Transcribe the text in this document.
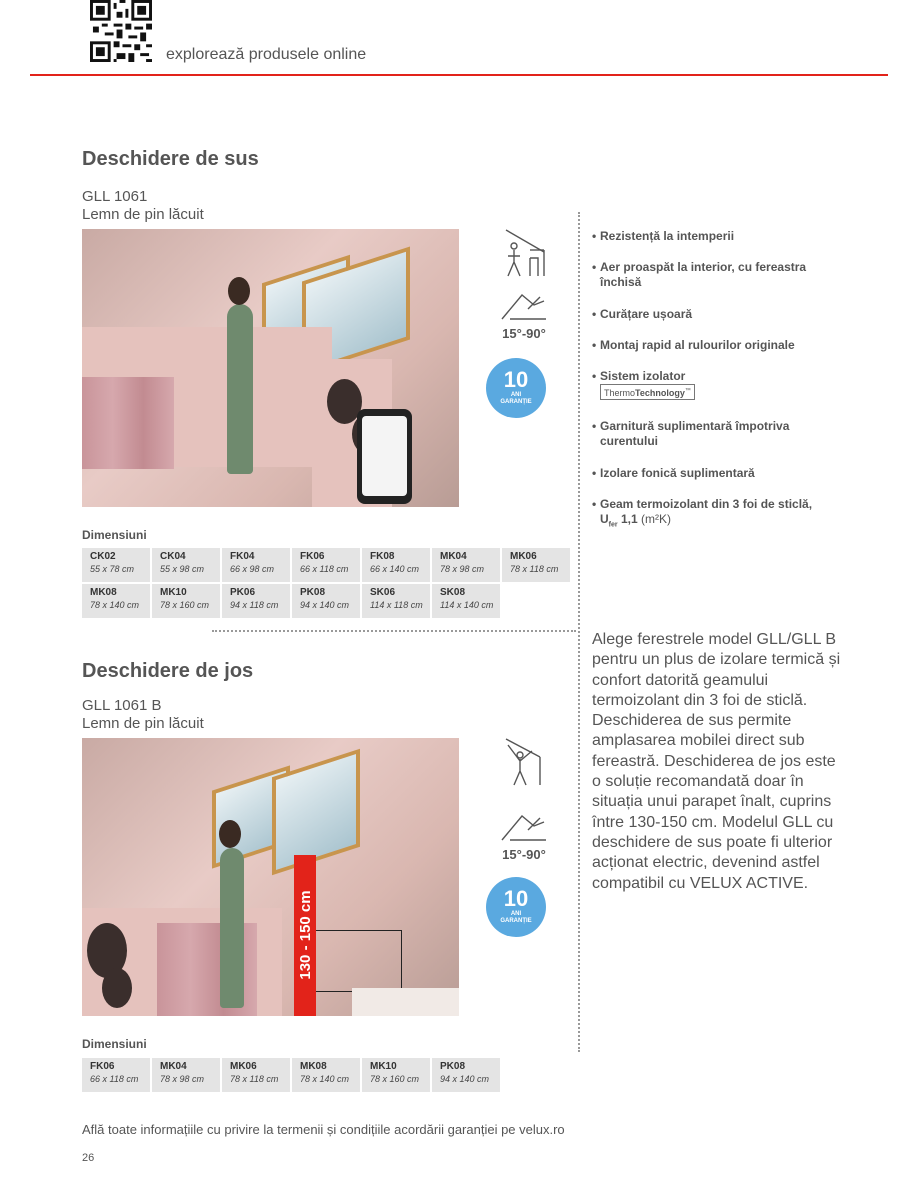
explorează produsele online
Deschidere de sus
GLL 1061
Lemn de pin lăcuit

15°-90°
10
ANI
GARANȚIE
Dimensiuni
CK02
55 x 78 cm
CK04
55 x 98 cm
FK04
66 x 98 cm
FK06
66 x 118 cm
FK08
66 x 140 cm
MK04
78 x 98 cm
MK06
78 x 118 cm
MK08
78 x 140 cm
MK10
78 x 160 cm
PK06
94 x 118 cm
PK08
94 x 140 cm
SK06
114 x 118 cm
SK08
114 x 140 cm
• Rezistență la intemperii
• Aer proaspăt la interior, cu fereastra
închisă
• Curățare ușoară
• Montaj rapid al rulourilor originale
• Sistem izolator
ThermoTechnology™
• Garnitură suplimentară împotriva
curentului
• Izolare fonică suplimentară
• Geam termoizolant din 3 foi de sticlă,
$U_{fer}$ 1,1 (m²K)
Deschidere de jos
GLL 1061 B
Lemn de pin lăcuit
130 - 150 cm

15°-90°
10
ANI
GARANȚIE
Dimensiuni
FK06
66 x 118 cm
MK04
78 x 98 cm
MK06
78 x 118 cm
MK08
78 x 140 cm
MK10
78 x 160 cm
PK08
94 x 140 cm
Alege ferestrele model GLL/GLL B pentru un plus de izolare termică și confort datorită geamului termoizolant din 3 foi de sticlă. Deschiderea de sus permite amplasarea mobilei direct sub fereastră. Deschiderea de jos este o soluție recomandată doar în situația unui parapet înalt, cuprins între 130-150 cm. Modelul GLL cu deschidere de sus poate fi ulterior acționat electric, devenind astfel compatibil cu VELUX ACTIVE.
Află toate informațiile cu privire la termenii și condițiile acordării garanției pe velux.ro
26
